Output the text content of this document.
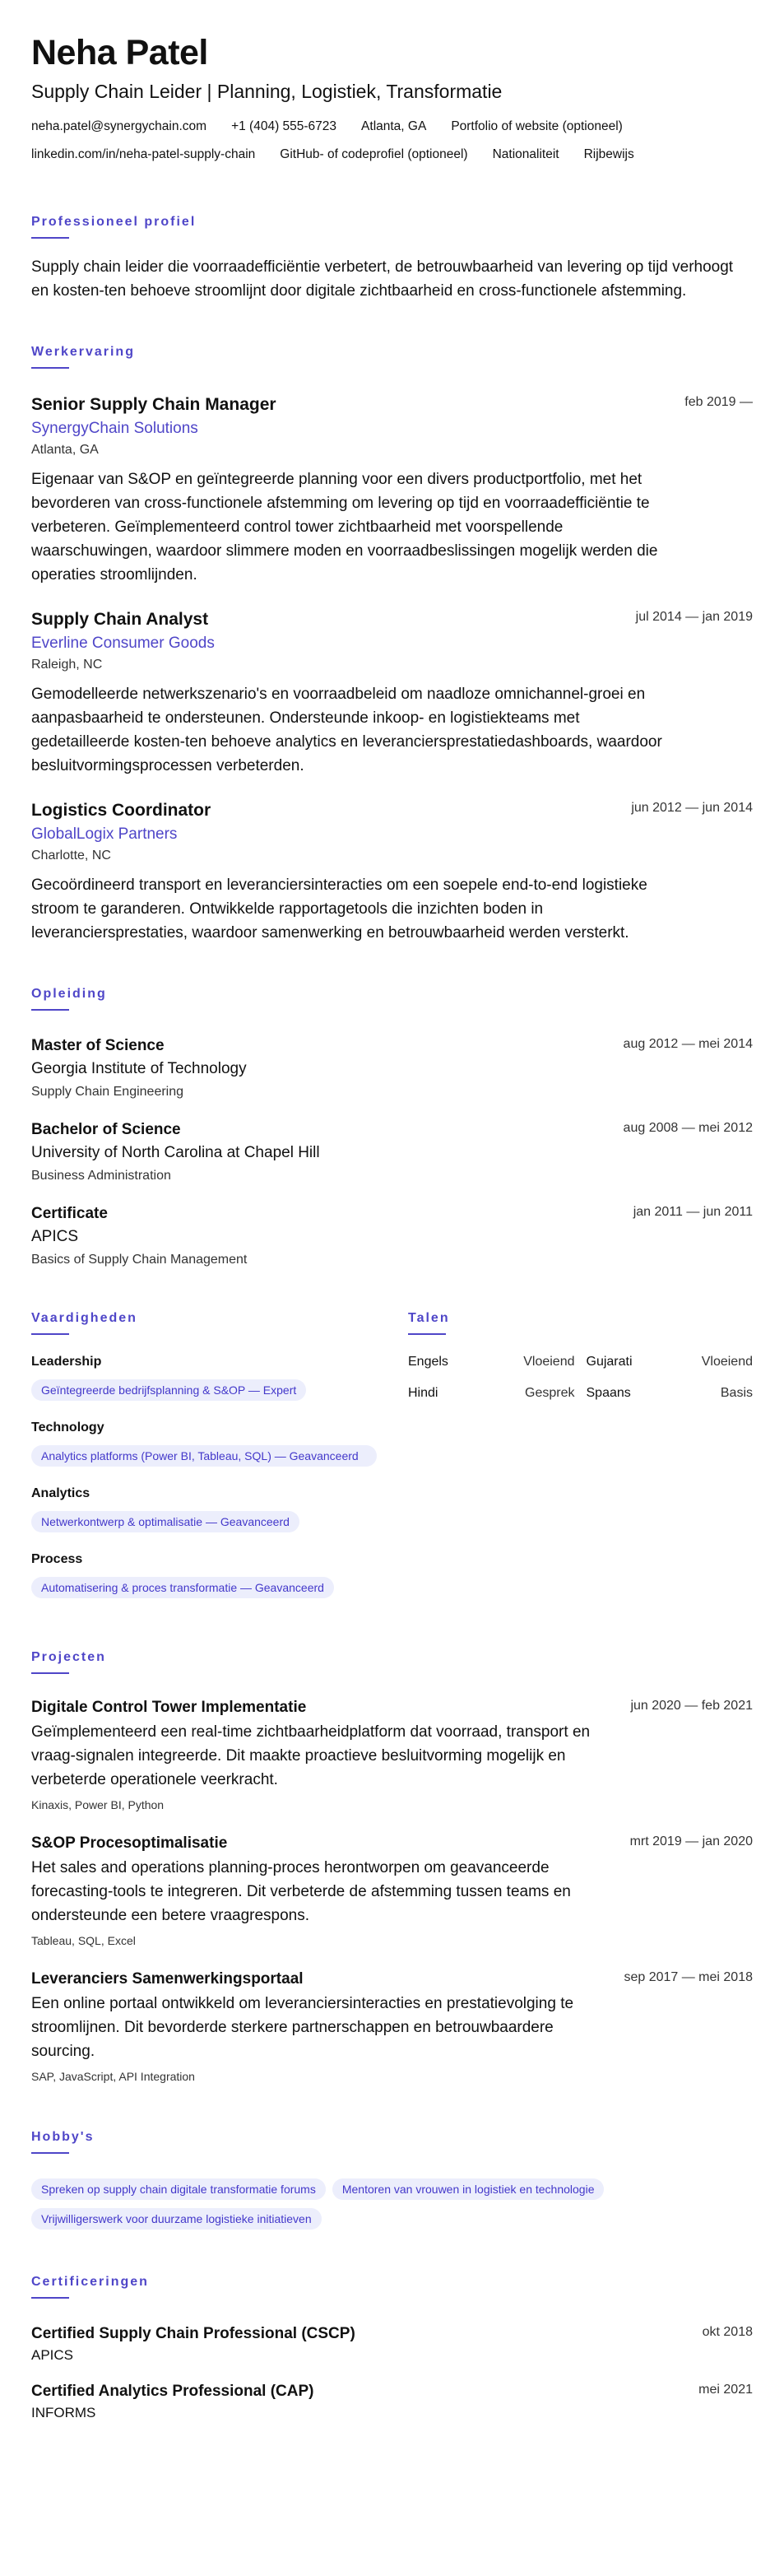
Neha Patel
Supply Chain Leider | Planning, Logistiek, Transformatie
neha.patel@synergychain.com +1 (404) 555-6723 Atlanta, GA Portfolio of website (optioneel)
linkedin.com/in/neha-patel-supply-chain GitHub- of codeprofiel (optioneel) Nationaliteit Rijbewijs
Professioneel profiel
Supply chain leider die voorraadefficiëntie verbetert, de betrouwbaarheid van levering op tijd verhoogt en kosten-ten behoeve stroomlijnt door digitale zichtbaarheid en cross-functionele afstemming.
Werkervaring
Senior Supply Chain Manager	feb 2019 —
SynergyChain Solutions
Atlanta, GA
Eigenaar van S&OP en geïntegreerde planning voor een divers productportfolio, met het bevorderen van cross-functionele afstemming om levering op tijd en voorraadefficiëntie te verbeteren. Geïmplementeerd control tower zichtbaarheid met voorspellende waarschuwingen, waardoor slimmere moden en voorraadbeslissingen mogelijk werden die operaties stroomlijnden.
Supply Chain Analyst	jul 2014 — jan 2019
Everline Consumer Goods
Raleigh, NC
Gemodelleerde netwerkszenario's en voorraadbeleid om naadloze omnichannel-groei en aanpasbaarheid te ondersteunen. Ondersteunde inkoop- en logistiekteams met gedetailleerde kosten-ten behoeve analytics en leveranciersprestatiedashboards, waardoor besluitvormingsprocessen verbeterden.
Logistics Coordinator	jun 2012 — jun 2014
GlobalLogix Partners
Charlotte, NC
Gecoördineerd transport en leveranciersinteracties om een soepele end-to-end logistieke stroom te garanderen. Ontwikkelde rapportagetools die inzichten boden in leveranciersprestaties, waardoor samenwerking en betrouwbaarheid werden versterkt.
Opleiding
Master of Science	aug 2012 — mei 2014
Georgia Institute of Technology
Supply Chain Engineering
Bachelor of Science	aug 2008 — mei 2012
University of North Carolina at Chapel Hill
Business Administration
Certificate	jan 2011 — jun 2011
APICS
Basics of Supply Chain Management
Vaardigheden
Leadership
Geïntegreerde bedrijfsplanning & S&OP — Expert
Technology
Analytics platforms (Power BI, Tableau, SQL) — Geavanceerd
Analytics
Netwerkontwerp & optimalisatie — Geavanceerd
Process
Automatisering & proces transformatie — Geavanceerd
Talen
Engels	Vloeiend Gujarati	Vloeiend
Hindi	Gesprek Spaans	Basis
Projecten
Digitale Control Tower Implementatie	jun 2020 — feb 2021
Geïmplementeerd een real-time zichtbaarheidplatform dat voorraad, transport en vraag-signalen integreerde. Dit maakte proactieve besluitvorming mogelijk en verbeterde operationele veerkracht.
Kinaxis, Power BI, Python
S&OP Procesoptimalisatie	mrt 2019 — jan 2020
Het sales and operations planning-proces herontworpen om geavanceerde forecasting-tools te integreren. Dit verbeterde de afstemming tussen teams en ondersteunde een betere vraagrespons.
Tableau, SQL, Excel
Leveranciers Samenwerkingsportaal	sep 2017 — mei 2018
Een online portaal ontwikkeld om leveranciersinteracties en prestatievolging te stroomlijnen. Dit bevorderde sterkere partnerschappen en betrouwbaardere sourcing.
SAP, JavaScript, API Integration
Hobby's
Spreken op supply chain digitale transformatie forums Mentoren van vrouwen in logistiek en technologie
Vrijwilligerswerk voor duurzame logistieke initiatieven
Certificeringen
Certified Supply Chain Professional (CSCP)	okt 2018
APICS
Certified Analytics Professional (CAP)	mei 2021
INFORMS
